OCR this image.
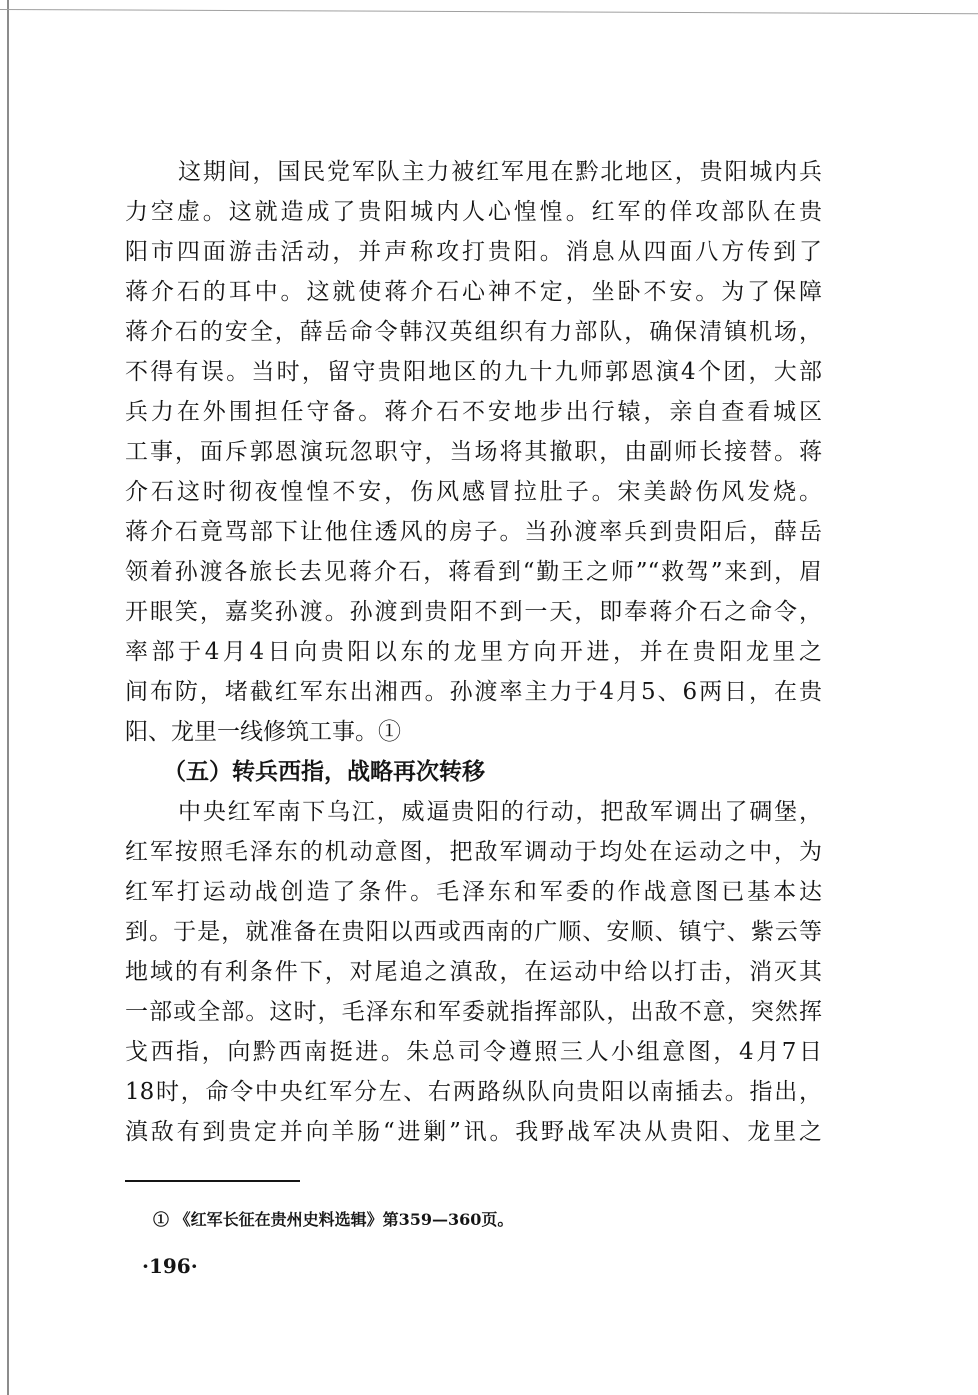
这期间，国民党军队主力被红军甩在黔北地区，贵阳城内兵
力空虚。这就造成了贵阳城内人心惶惶。红军的佯攻部队在贵
阳市四面游击活动，并声称攻打贵阳。消息从四面八方传到了
蒋介石的耳中。这就使蒋介石心神不定，坐卧不安。为了保障
蒋介石的安全，薛岳命令韩汉英组织有力部队，确保清镇机场，
不得有误。当时，留守贵阳地区的九十九师郭恩演4个团，大部
兵力在外围担任守备。蒋介石不安地步出行辕，亲自查看城区
工事，面斥郭恩演玩忽职守，当场将其撤职，由副师长接替。蒋
介石这时彻夜惶惶不安，伤风感冒拉肚子。宋美龄伤风发烧。
蒋介石竟骂部下让他住透风的房子。当孙渡率兵到贵阳后，薛岳
领着孙渡各旅长去见蒋介石，蒋看到“勤王之师”“救驾”来到，眉
开眼笑，嘉奖孙渡。孙渡到贵阳不到一天，即奉蒋介石之命令，
率部于4月4日向贵阳以东的龙里方向开进，并在贵阳龙里之
间布防，堵截红军东出湘西。孙渡率主力于4月5、6两日，在贵
阳、龙里一线修筑工事。①
（五）转兵西指，战略再次转移
中央红军南下乌江，威逼贵阳的行动，把敌军调出了碉堡，
红军按照毛泽东的机动意图，把敌军调动于均处在运动之中，为
红军打运动战创造了条件。毛泽东和军委的作战意图已基本达
到。于是，就准备在贵阳以西或西南的广顺、安顺、镇宁、紫云等
地域的有利条件下，对尾追之滇敌，在运动中给以打击，消灭其
一部或全部。这时，毛泽东和军委就指挥部队，出敌不意，突然挥
戈西指，向黔西南挺进。朱总司令遵照三人小组意图，4月7日
18时，命令中央红军分左、右两路纵队向贵阳以南插去。指出，
滇敌有到贵定并向羊肠“进剿”讯。我野战军决从贵阳、龙里之
① 《红军长征在贵州史料选辑》第359—360页。
·196·
